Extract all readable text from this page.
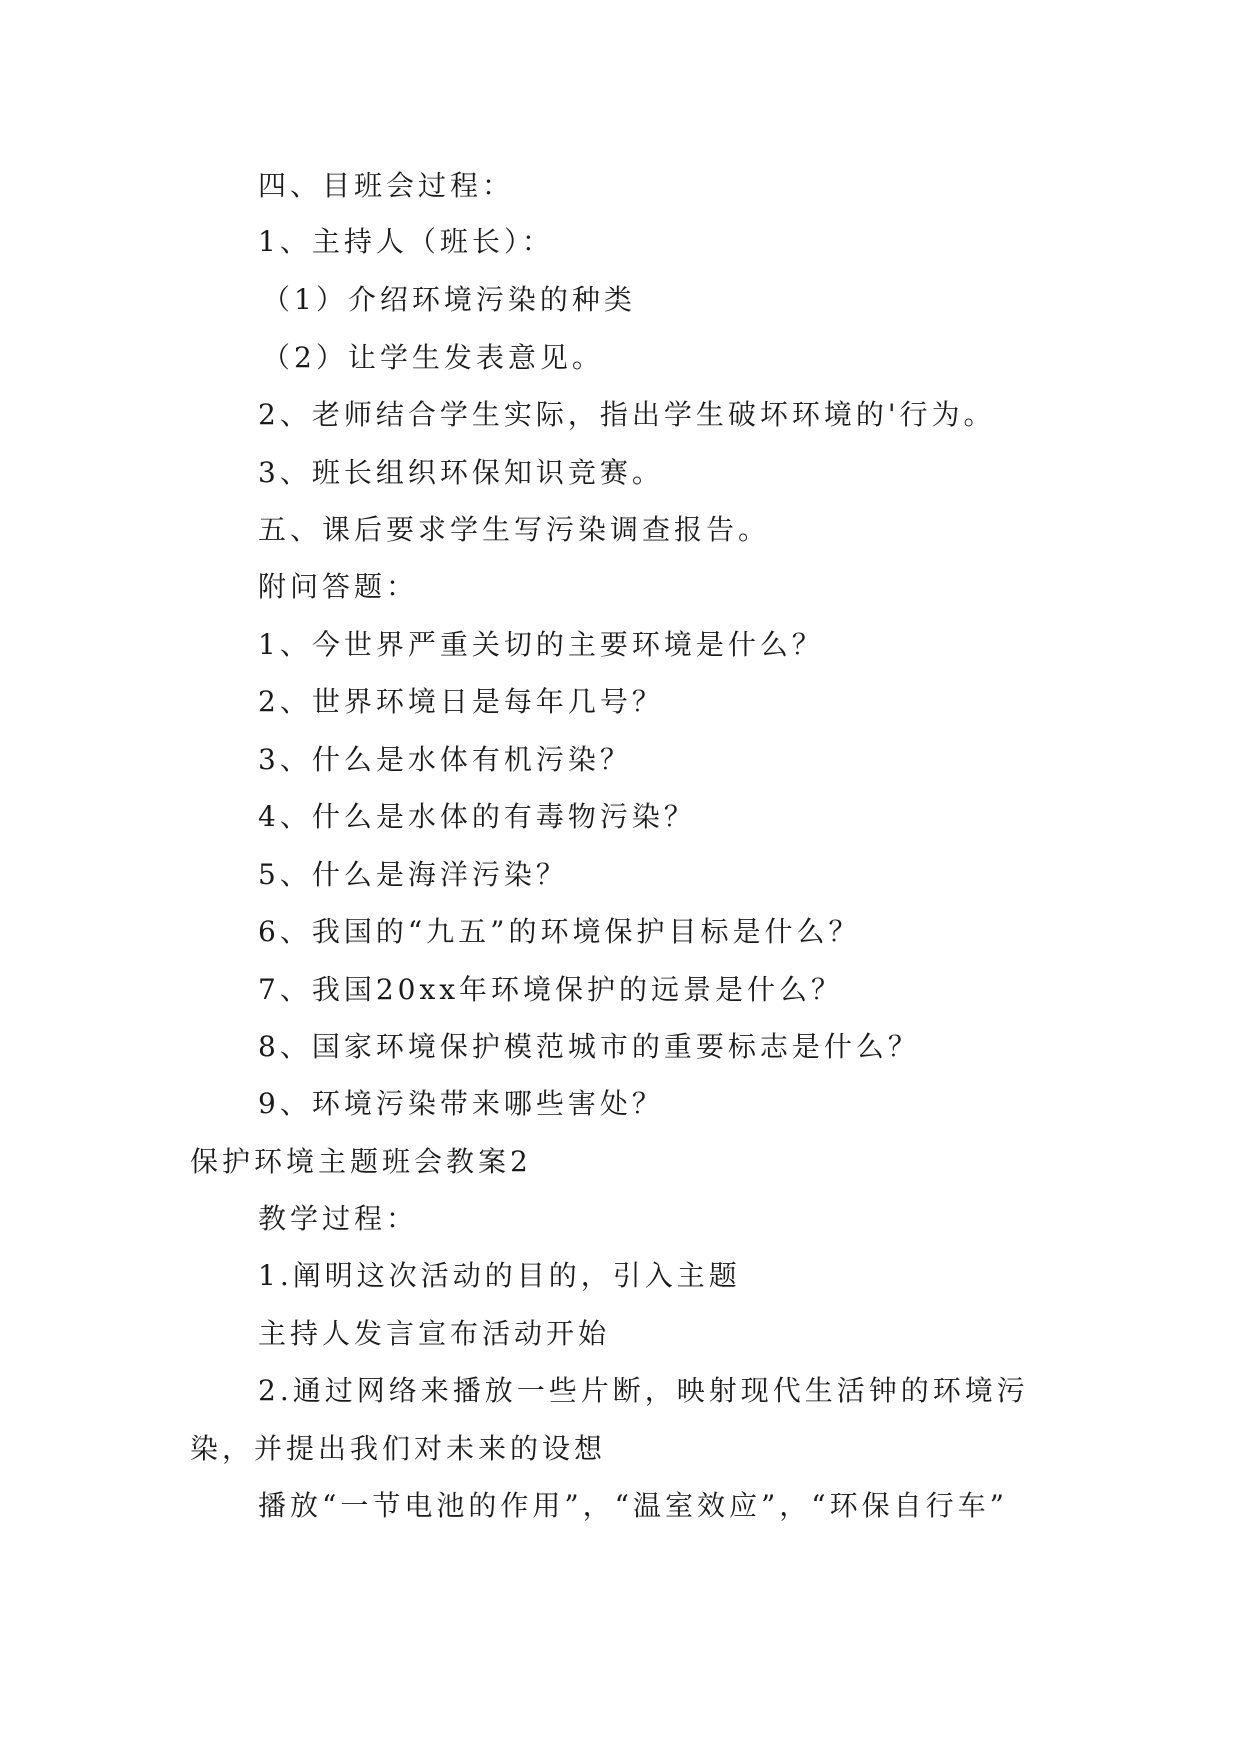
四、目班会过程：
1、主持人（班长）：
（1）介绍环境污染的种类
（2）让学生发表意见。
2、老师结合学生实际，指出学生破坏环境的'行为。
3、班长组织环保知识竞赛。
五、课后要求学生写污染调查报告。
附问答题：
1、今世界严重关切的主要环境是什么？
2、世界环境日是每年几号？
3、什么是水体有机污染？
4、什么是水体的有毒物污染？
5、什么是海洋污染？
6、我国的“九五”的环境保护目标是什么？
7、我国20xx年环境保护的远景是什么？
8、国家环境保护模范城市的重要标志是什么？
9、环境污染带来哪些害处？
保护环境主题班会教案2
教学过程：
1.阐明这次活动的目的，引入主题
主持人发言宣布活动开始
2.通过网络来播放一些片断，映射现代生活钟的环境污
染，并提出我们对未来的设想
播放“一节电池的作用”，“温室效应”，“环保自行车”
